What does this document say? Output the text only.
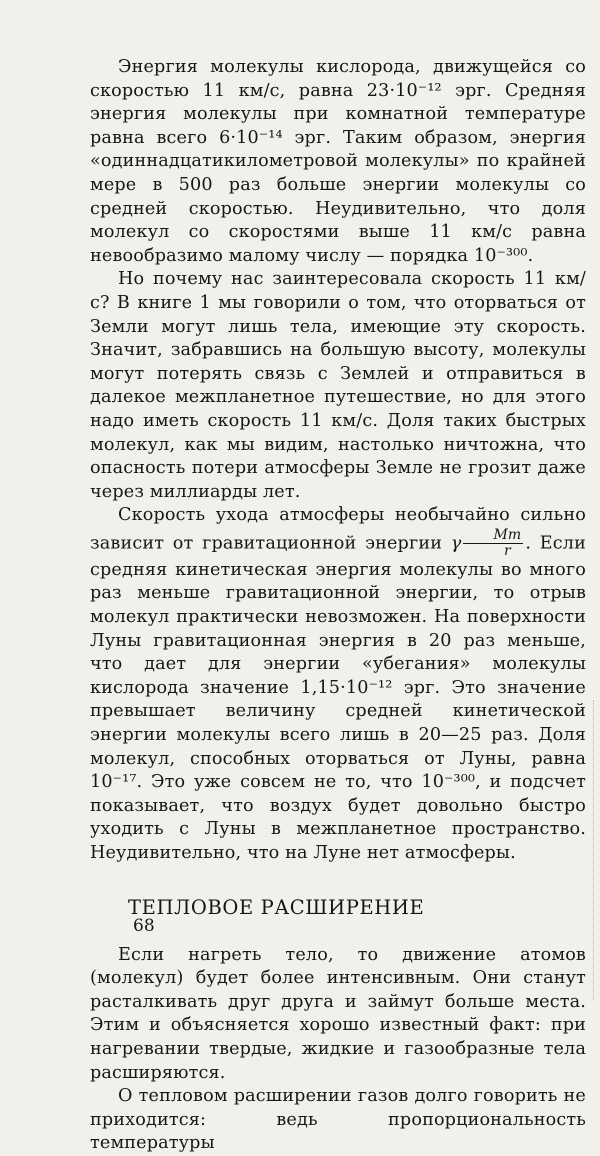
Энергия молекулы кислорода, движущейся со скоростью 11 км/с, равна 23·10⁻¹² эрг. Средняя энергия молекулы при комнатной температуре равна всего 6·10⁻¹⁴ эрг. Таким образом, энергия «одиннадцатикилометровой молекулы» по крайней мере в 500 раз больше энергии молекулы со средней скоростью. Неудивительно, что доля молекул со скоростями выше 11 км/с равна невообразимо малому числу — порядка 10⁻³⁰⁰.

Но почему нас заинтересовала скорость 11 км/с? В книге 1 мы говорили о том, что оторваться от Земли могут лишь тела, имеющие эту скорость. Значит, забравшись на большую высоту, молекулы могут потерять связь с Землей и отправиться в далекое межпланетное путешествие, но для этого надо иметь скорость 11 км/с. Доля таких быстрых молекул, как мы видим, настолько ничтожна, что опасность потери атмосферы Земле не грозит даже через миллиарды лет.

Скорость ухода атмосферы необычайно сильно зависит от гравитационной энергии γ $\frac{Mm}{r}$ . Если средняя кинетическая энергия молекулы во много раз меньше гравитационной энергии, то отрыв молекул практически невозможен. На поверхности Луны гравитационная энергия в 20 раз меньше, что дает для энергии «убегания» молекулы кислорода значение 1,15·10⁻¹² эрг. Это значение превышает величину средней кинетической энергии молекулы всего лишь в 20—25 раз. Доля молекул, способных оторваться от Луны, равна 10⁻¹⁷. Это уже совсем не то, что 10⁻³⁰⁰, и подсчет показывает, что воздух будет довольно быстро уходить с Луны в межпланетное пространство. Неудивительно, что на Луне нет атмосферы.

ТЕПЛОВОЕ РАСШИРЕНИЕ

Если нагреть тело, то движение атомов (молекул) будет более интенсивным. Они станут расталкивать друг друга и займут больше места. Этим и объясняется хорошо известный факт: при нагревании твердые, жидкие и газообразные тела расширяются.

О тепловом расширении газов долго говорить не приходится: ведь пропорциональность температуры

68
